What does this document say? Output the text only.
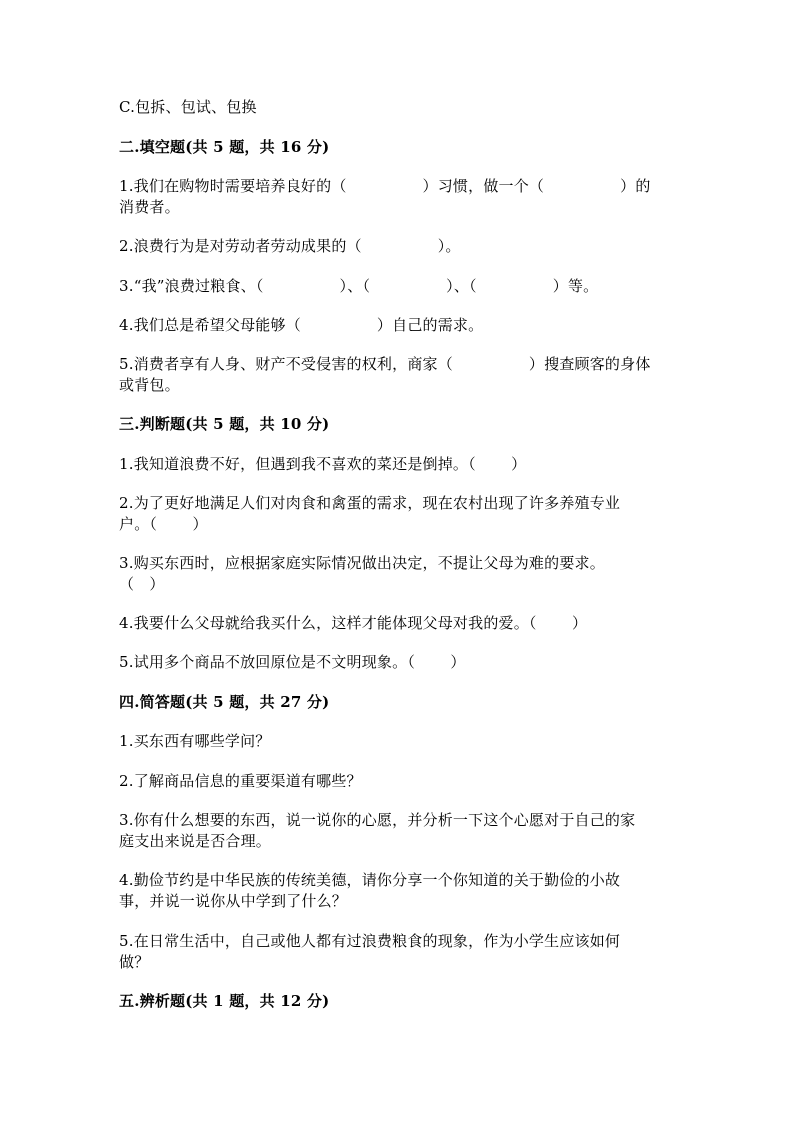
C.包拆、包试、包换
二.填空题(共 5 题，共 16 分)
1.我们在购物时需要培养良好的（　　　　　）习惯，做一个（　　　　　）的
消费者。
2.浪费行为是对劳动者劳动成果的（　　　　　）。
3.“我”浪费过粮食、（　　　　　）、（　　　　　）、（　　　　　）等。
4.我们总是希望父母能够（　　　　　）自己的需求。
5.消费者享有人身、财产不受侵害的权利，商家（　　　　　）搜查顾客的身体
或背包。
三.判断题(共 5 题，共 10 分)
1.我知道浪费不好，但遇到我不喜欢的菜还是倒掉。（　　 ）
2.为了更好地满足人们对肉食和禽蛋的需求，现在农村出现了许多养殖专业
户。（　　 ）
3.购买东西时，应根据家庭实际情况做出决定，不提让父母为难的要求。
（　）
4.我要什么父母就给我买什么，这样才能体现父母对我的爱。（　　 ）
5.试用多个商品不放回原位是不文明现象。（　　 ）
四.简答题(共 5 题，共 27 分)
1.买东西有哪些学问？
2.了解商品信息的重要渠道有哪些？
3.你有什么想要的东西，说一说你的心愿，并分析一下这个心愿对于自己的家
庭支出来说是否合理。
4.勤俭节约是中华民族的传统美德，请你分享一个你知道的关于勤俭的小故
事，并说一说你从中学到了什么？
5.在日常生活中，自己或他人都有过浪费粮食的现象，作为小学生应该如何
做？
五.辨析题(共 1 题，共 12 分)
